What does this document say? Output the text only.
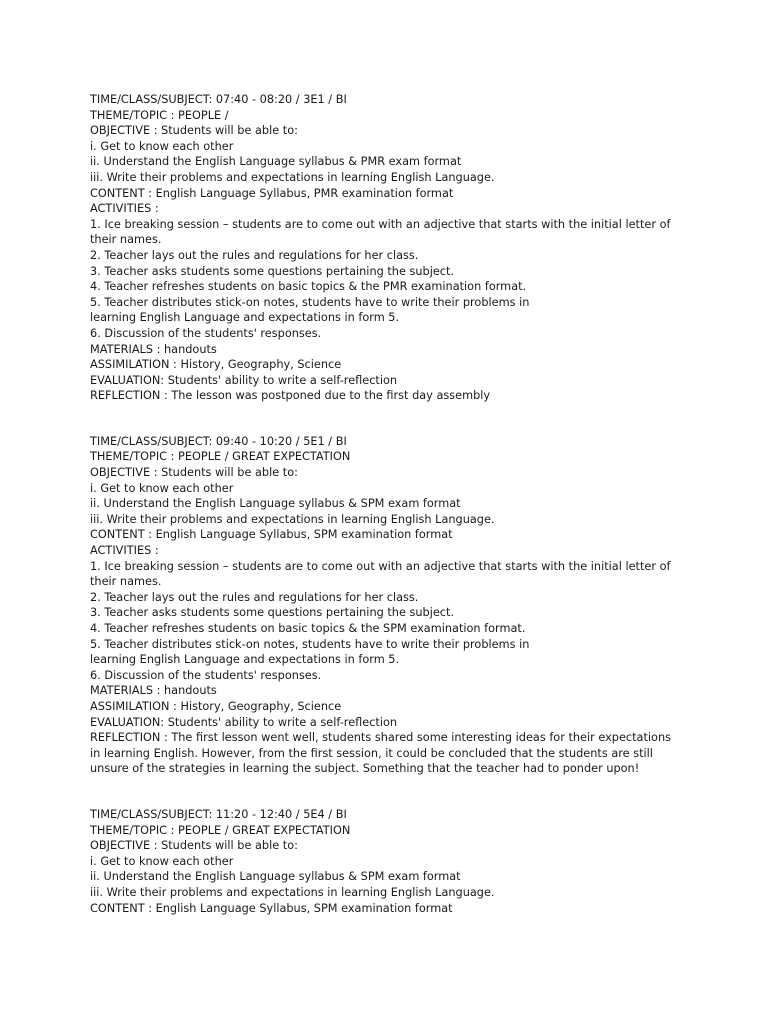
TIME/CLASS/SUBJECT: 07:40 - 08:20 / 3E1 / BI

THEME/TOPIC : PEOPLE /

OBJECTIVE : Students will be able to:

i. Get to know each other

ii. Understand the English Language syllabus & PMR exam format

iii. Write their problems and expectations in learning English Language.

CONTENT : English Language Syllabus, PMR examination format

ACTIVITIES :

1. Ice breaking session – students are to come out with an adjective that starts with the initial letter of

their names.

2. Teacher lays out the rules and regulations for her class.

3. Teacher asks students some questions pertaining the subject.

4. Teacher refreshes students on basic topics & the PMR examination format.

5. Teacher distributes stick-on notes, students have to write their problems in

learning English Language and expectations in form 5.

6. Discussion of the students' responses.

MATERIALS : handouts

ASSIMILATION : History, Geography, Science

EVALUATION: Students' ability to write a self-reflection

REFLECTION : The lesson was postponed due to the first day assembly

TIME/CLASS/SUBJECT: 09:40 - 10:20 / 5E1 / BI

THEME/TOPIC : PEOPLE / GREAT EXPECTATION

OBJECTIVE : Students will be able to:

i. Get to know each other

ii. Understand the English Language syllabus & SPM exam format

iii. Write their problems and expectations in learning English Language.

CONTENT : English Language Syllabus, SPM examination format

ACTIVITIES :

1. Ice breaking session – students are to come out with an adjective that starts with the initial letter of

their names.

2. Teacher lays out the rules and regulations for her class.

3. Teacher asks students some questions pertaining the subject.

4. Teacher refreshes students on basic topics & the SPM examination format.

5. Teacher distributes stick-on notes, students have to write their problems in

learning English Language and expectations in form 5.

6. Discussion of the students' responses.

MATERIALS : handouts

ASSIMILATION : History, Geography, Science

EVALUATION: Students' ability to write a self-reflection

REFLECTION : The first lesson went well, students shared some interesting ideas for their expectations

in learning English. However, from the first session, it could be concluded that the students are still

unsure of the strategies in learning the subject. Something that the teacher had to ponder upon!

TIME/CLASS/SUBJECT: 11:20 - 12:40 / 5E4 / BI

THEME/TOPIC : PEOPLE / GREAT EXPECTATION

OBJECTIVE : Students will be able to:

i. Get to know each other

ii. Understand the English Language syllabus & SPM exam format

iii. Write their problems and expectations in learning English Language.

CONTENT : English Language Syllabus, SPM examination format
